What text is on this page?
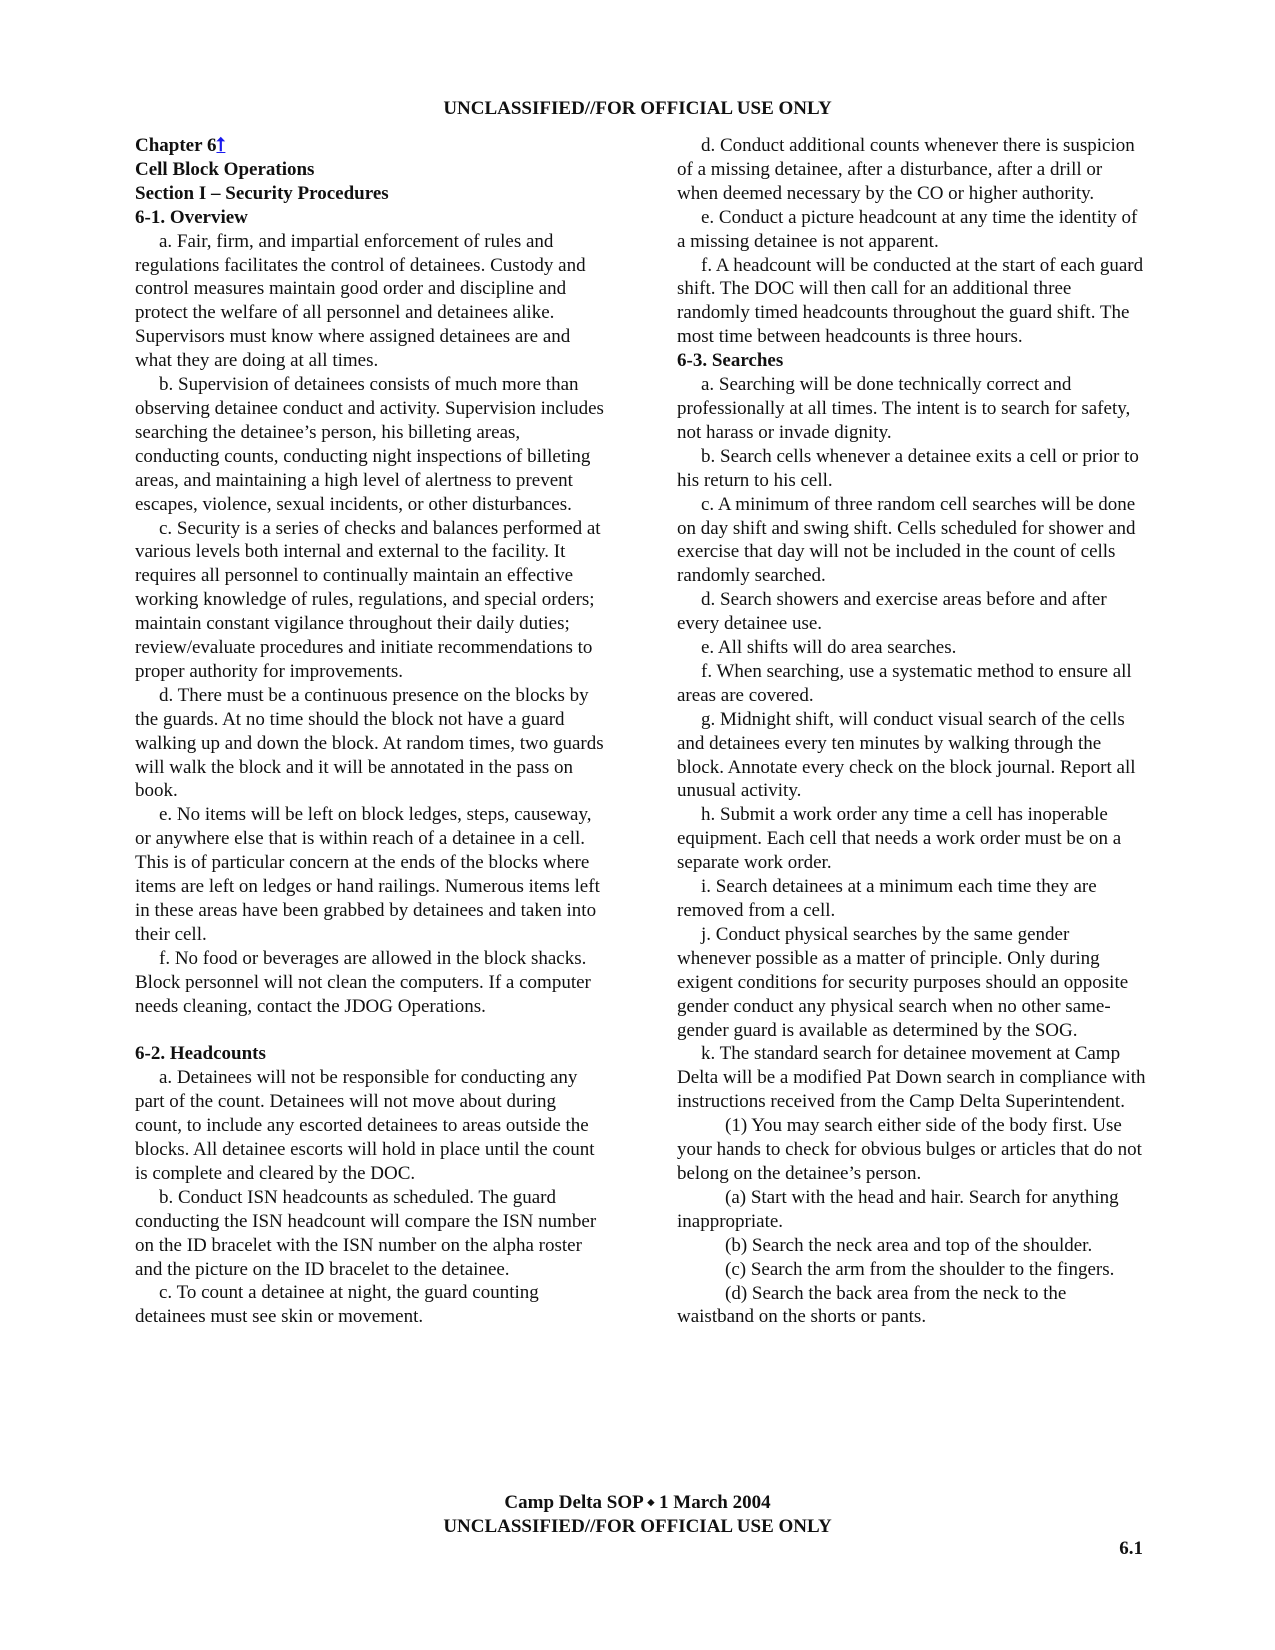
UNCLASSIFIED//FOR OFFICIAL USE ONLY

Chapter 6⭡

Cell Block Operations

Section I – Security Procedures

6-1. Overview

a. Fair, firm, and impartial enforcement of rules and regulations facilitates the control of detainees. Custody and control measures maintain good order and discipline and protect the welfare of all personnel and detainees alike. Supervisors must know where assigned detainees are and what they are doing at all times.

b. Supervision of detainees consists of much more than observing detainee conduct and activity. Supervision includes searching the detainee’s person, his billeting areas, conducting counts, conducting night inspections of billeting areas, and maintaining a high level of alertness to prevent escapes, violence, sexual incidents, or other disturbances.

c. Security is a series of checks and balances performed at various levels both internal and external to the facility. It requires all personnel to continually maintain an effective working knowledge of rules, regulations, and special orders; maintain constant vigilance throughout their daily duties; review/evaluate procedures and initiate recommendations to proper authority for improvements.

d. There must be a continuous presence on the blocks by the guards. At no time should the block not have a guard walking up and down the block. At random times, two guards will walk the block and it will be annotated in the pass on book.

e. No items will be left on block ledges, steps, causeway, or anywhere else that is within reach of a detainee in a cell. This is of particular concern at the ends of the blocks where items are left on ledges or hand railings. Numerous items left in these areas have been grabbed by detainees and taken into their cell.

f. No food or beverages are allowed in the block shacks. Block personnel will not clean the computers. If a computer needs cleaning, contact the JDOG Operations.

6-2. Headcounts

a. Detainees will not be responsible for conducting any part of the count. Detainees will not move about during count, to include any escorted detainees to areas outside the blocks. All detainee escorts will hold in place until the count is complete and cleared by the DOC.

b. Conduct ISN headcounts as scheduled. The guard conducting the ISN headcount will compare the ISN number on the ID bracelet with the ISN number on the alpha roster and the picture on the ID bracelet to the detainee.

c. To count a detainee at night, the guard counting detainees must see skin or movement.

d. Conduct additional counts whenever there is suspicion of a missing detainee, after a disturbance, after a drill or when deemed necessary by the CO or higher authority.

e. Conduct a picture headcount at any time the identity of a missing detainee is not apparent.

f. A headcount will be conducted at the start of each guard shift. The DOC will then call for an additional three randomly timed headcounts throughout the guard shift. The most time between headcounts is three hours.

6-3. Searches

a. Searching will be done technically correct and professionally at all times. The intent is to search for safety, not harass or invade dignity.

b. Search cells whenever a detainee exits a cell or prior to his return to his cell.

c. A minimum of three random cell searches will be done on day shift and swing shift. Cells scheduled for shower and exercise that day will not be included in the count of cells randomly searched.

d. Search showers and exercise areas before and after every detainee use.

e. All shifts will do area searches.

f. When searching, use a systematic method to ensure all areas are covered.

g. Midnight shift, will conduct visual search of the cells and detainees every ten minutes by walking through the block. Annotate every check on the block journal. Report all unusual activity.

h. Submit a work order any time a cell has inoperable equipment. Each cell that needs a work order must be on a separate work order.

i. Search detainees at a minimum each time they are removed from a cell.

j. Conduct physical searches by the same gender whenever possible as a matter of principle. Only during exigent conditions for security purposes should an opposite gender conduct any physical search when no other same-gender guard is available as determined by the SOG.

k. The standard search for detainee movement at Camp Delta will be a modified Pat Down search in compliance with instructions received from the Camp Delta Superintendent.

(1) You may search either side of the body first. Use your hands to check for obvious bulges or articles that do not belong on the detainee’s person.

(a) Start with the head and hair. Search for anything inappropriate.

(b) Search the neck area and top of the shoulder.

(c) Search the arm from the shoulder to the fingers.

(d) Search the back area from the neck to the waistband on the shorts or pants.

Camp Delta SOP ⬩ 1 March 2004
UNCLASSIFIED//FOR OFFICIAL USE ONLY
6.1
